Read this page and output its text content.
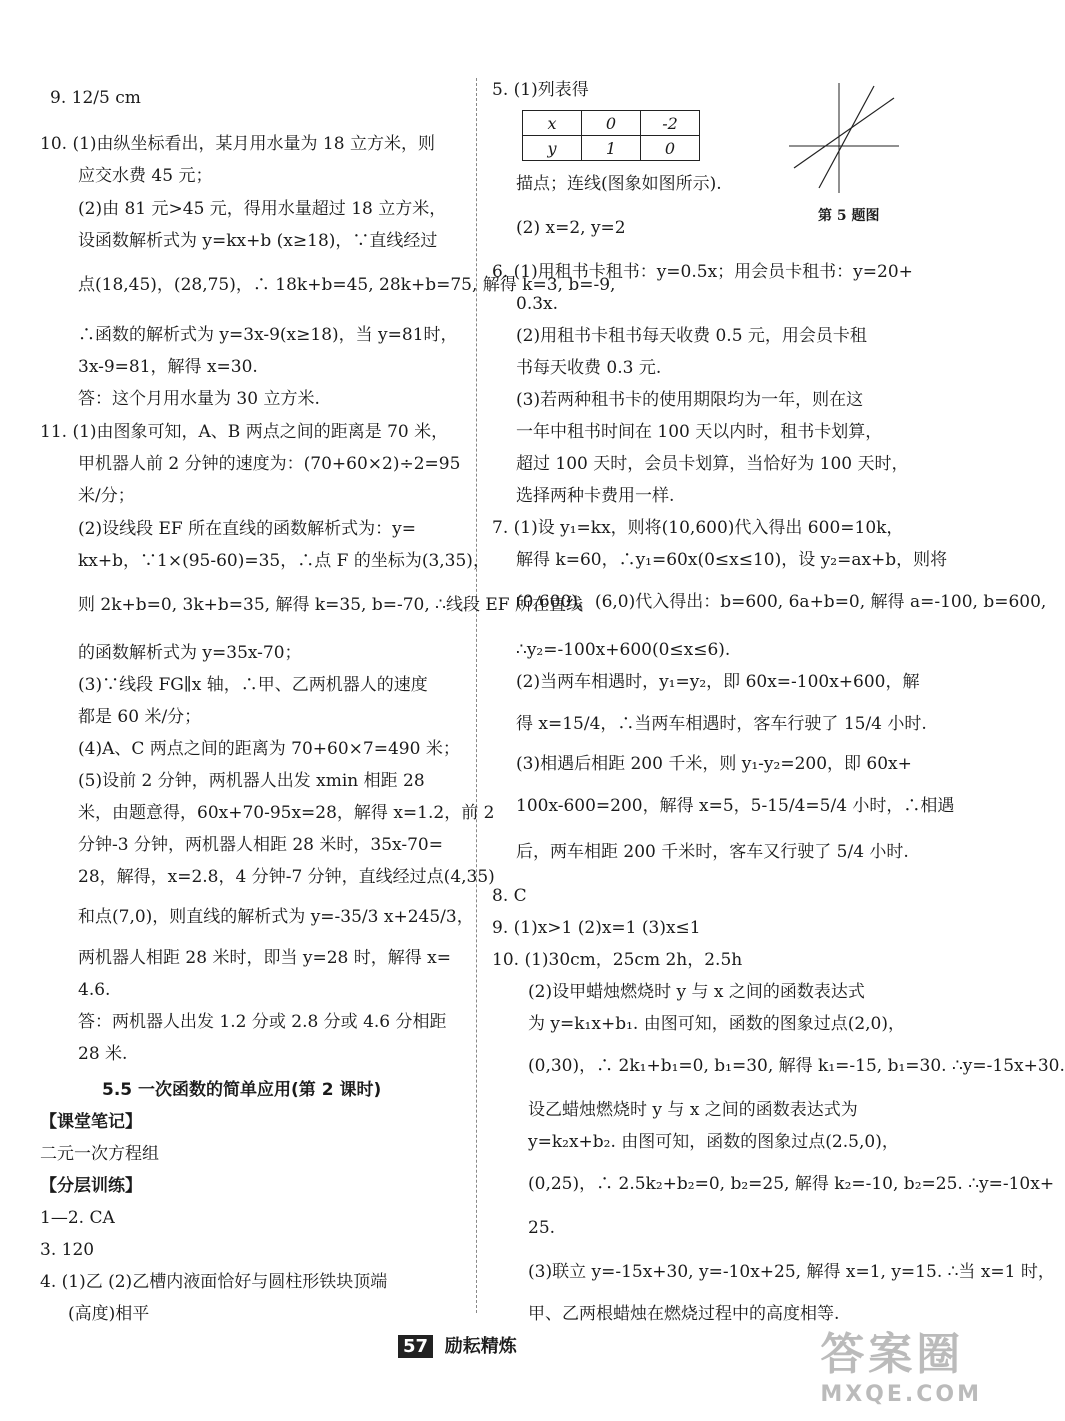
9. 12/5 cm
10. (1)由纵坐标看出，某月用水量为 18 立方米，则
应交水费 45 元；
(2)由 81 元>45 元，得用水量超过 18 立方米，
设函数解析式为 y=kx+b (x≥18)，∵直线经过
点(18,45)，(28,75)，∴ 18k+b=45, 28k+b=75, 解得 k=3, b=-9,
∴函数的解析式为 y=3x-9(x≥18)，当 y=81时，
3x-9=81，解得 x=30.
答：这个月用水量为 30 立方米.
11. (1)由图象可知，A、B 两点之间的距离是 70 米，
甲机器人前 2 分钟的速度为：(70+60×2)÷2=95
米/分；
(2)设线段 EF 所在直线的函数解析式为：y=
kx+b，∵1×(95-60)=35，∴点 F 的坐标为(3,35)，
则 2k+b=0, 3k+b=35, 解得 k=35, b=-70, ∴线段 EF 所在直线
的函数解析式为 y=35x-70；
(3)∵线段 FG∥x 轴，∴甲、乙两机器人的速度
都是 60 米/分；
(4)A、C 两点之间的距离为 70+60×7=490 米；
(5)设前 2 分钟，两机器人出发 xmin 相距 28
米，由题意得，60x+70-95x=28，解得 x=1.2，前 2
分钟-3 分钟，两机器人相距 28 米时，35x-70=
28，解得，x=2.8，4 分钟-7 分钟，直线经过点(4,35)
和点(7,0)，则直线的解析式为 y=-35/3 x+245/3，
两机器人相距 28 米时，即当 y=28 时，解得 x=
4.6.
答：两机器人出发 1.2 分或 2.8 分或 4.6 分相距
28 米.
5.5 一次函数的简单应用(第 2 课时)
【课堂笔记】
二元一次方程组
【分层训练】
1—2. CA
3. 120
4. (1)乙 (2)乙槽内液面恰好与圆柱形铁块顶端
(高度)相平
5. (1)列表得
x	0	-2
y	1	0
第 5 题图
描点；连线(图象如图所示).
(2) x=2, y=2
6. (1)用租书卡租书：y=0.5x；用会员卡租书：y=20+
0.3x.
(2)用租书卡租书每天收费 0.5 元，用会员卡租
书每天收费 0.3 元.
(3)若两种租书卡的使用期限均为一年，则在这
一年中租书时间在 100 天以内时，租书卡划算，
超过 100 天时，会员卡划算，当恰好为 100 天时，
选择两种卡费用一样.
7. (1)设 y₁=kx，则将(10,600)代入得出 600=10k，
解得 k=60，∴y₁=60x(0≤x≤10)，设 y₂=ax+b，则将
(0,600)，(6,0)代入得出：b=600, 6a+b=0, 解得 a=-100, b=600,
∴y₂=-100x+600(0≤x≤6).
(2)当两车相遇时，y₁=y₂，即 60x=-100x+600，解
得 x=15/4，∴当两车相遇时，客车行驶了 15/4 小时.
(3)相遇后相距 200 千米，则 y₁-y₂=200，即 60x+
100x-600=200，解得 x=5，5-15/4=5/4 小时，∴相遇
后，两车相距 200 千米时，客车又行驶了 5/4 小时.
8. C
9. (1)x>1 (2)x=1 (3)x≤1
10. (1)30cm，25cm 2h，2.5h
(2)设甲蜡烛燃烧时 y 与 x 之间的函数表达式
为 y=k₁x+b₁. 由图可知，函数的图象过点(2,0)，
(0,30)，∴ 2k₁+b₁=0, b₁=30, 解得 k₁=-15, b₁=30. ∴y=-15x+30.
设乙蜡烛燃烧时 y 与 x 之间的函数表达式为
y=k₂x+b₂. 由图可知，函数的图象过点(2.5,0)，
(0,25)，∴ 2.5k₂+b₂=0, b₂=25, 解得 k₂=-10, b₂=25. ∴y=-10x+
25.
(3)联立 y=-15x+30, y=-10x+25, 解得 x=1, y=15. ∴当 x=1 时，
甲、乙两根蜡烛在燃烧过程中的高度相等.
57 励耘精炼	答案圈
MXQE.COM
